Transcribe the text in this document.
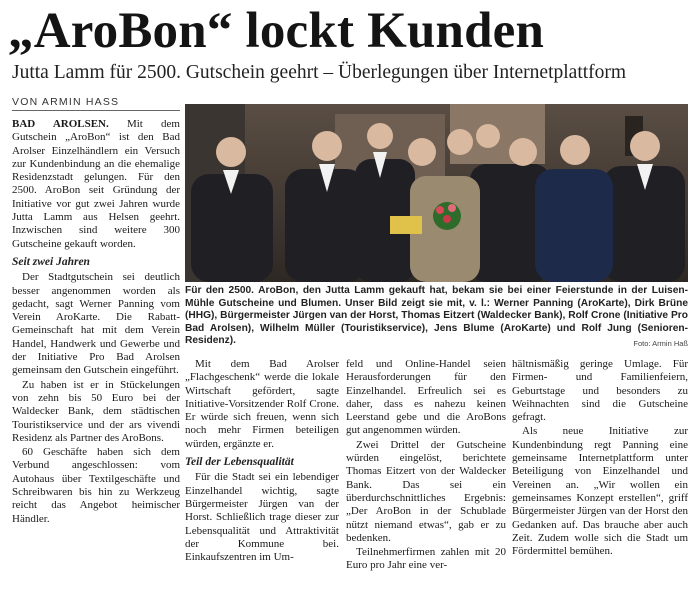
„AroBon“ lockt Kunden
Jutta Lamm für 2500. Gutschein geehrt – Überlegungen über Internetplattform
VON ARMIN HASS

BAD AROLSEN. Mit dem Gutschein „AroBon“ ist den Bad Arolser Einzelhändlern ein Versuch zur Kundenbindung an die ehemalige Residenzstadt gelungen. Für den 2500. AroBon seit Gründung der Initiative vor gut zwei Jahren wurde Jutta Lamm aus Helsen geehrt. Inzwischen sind weitere 300 Gutscheine gekauft worden.

Seit zwei Jahren

Der Stadtgutschein sei deutlich besser angenommen worden als gedacht, sagt Werner Panning vom Verein AroKarte. Die Rabatt-Gemeinschaft hat mit dem Verein Handel, Handwerk und Gewerbe und der Initiative Pro Bad Arolsen gemeinsam den Gutschein eingeführt.

Zu haben ist er in Stückelungen von zehn bis 50 Euro bei der Waldecker Bank, dem städtischen Touristikservice und der ars vivendi Residenz als Partner des AroBons.

60 Geschäfte haben sich dem Verbund angeschlossen: vom Autohaus über Textilgeschäfte und Schreibwaren bis hin zu Werkzeug reicht das Angebot heimischer Händler.

Für den 2500. AroBon, den Jutta Lamm gekauft hat, bekam sie bei einer Feierstunde in der Luisen-Mühle Gutscheine und Blumen. Unser Bild zeigt sie mit, v. l.: Werner Panning (AroKarte), Dirk Brüne (HHG), Bürgermeister Jürgen van der Horst, Thomas Eitzert (Waldecker Bank), Rolf Crone (Initiative Pro Bad Arolsen), Wilhelm Müller (Touristikservice), Jens Blume (AroKarte) und Rolf Jung (Senioren-Residenz).	Foto: Armin Haß

Mit dem Bad Arolser „Flachgeschenk“ werde die lokale Wirtschaft gefördert, sagte Initiative-Vorsitzender Rolf Crone. Er würde sich freuen, wenn sich noch mehr Firmen beteiligen würden, ergänzte er.

Teil der Lebensqualität

Für die Stadt sei ein lebendiger Einzelhandel wichtig, sagte Bürgermeister Jürgen van der Horst. Schließlich trage dieser zur Lebensqualität und Attraktivität der Kommune bei. Einkaufszentren im Um-

feld und Online-Handel seien Herausforderungen für den Einzelhandel. Erfreulich sei es daher, dass es nahezu keinen Leerstand gebe und die AroBons gut angenommen würden.

Zwei Drittel der Gutscheine würden eingelöst, berichtete Thomas Eitzert von der Waldecker Bank. Das sei ein überdurchschnittliches Ergebnis: „Der AroBon in der Schublade nützt niemand etwas“, gab er zu bedenken.

Teilnehmerfirmen zahlen mit 20 Euro pro Jahr eine ver-

hältnismäßig geringe Umlage. Für Firmen- und Familienfeiern, Geburtstage und besonders zu Weihnachten sind die Gutscheine gefragt.

Als neue Initiative zur Kundenbindung regt Panning eine gemeinsame Internetplattform unter Beteiligung von Einzelhandel und Vereinen an. „Wir wollen ein gemeinsames Konzept erstellen“, griff Bürgermeister Jürgen van der Horst den Gedanken auf. Das brauche aber auch Zeit. Zudem wolle sich die Stadt um Fördermittel bemühen.
